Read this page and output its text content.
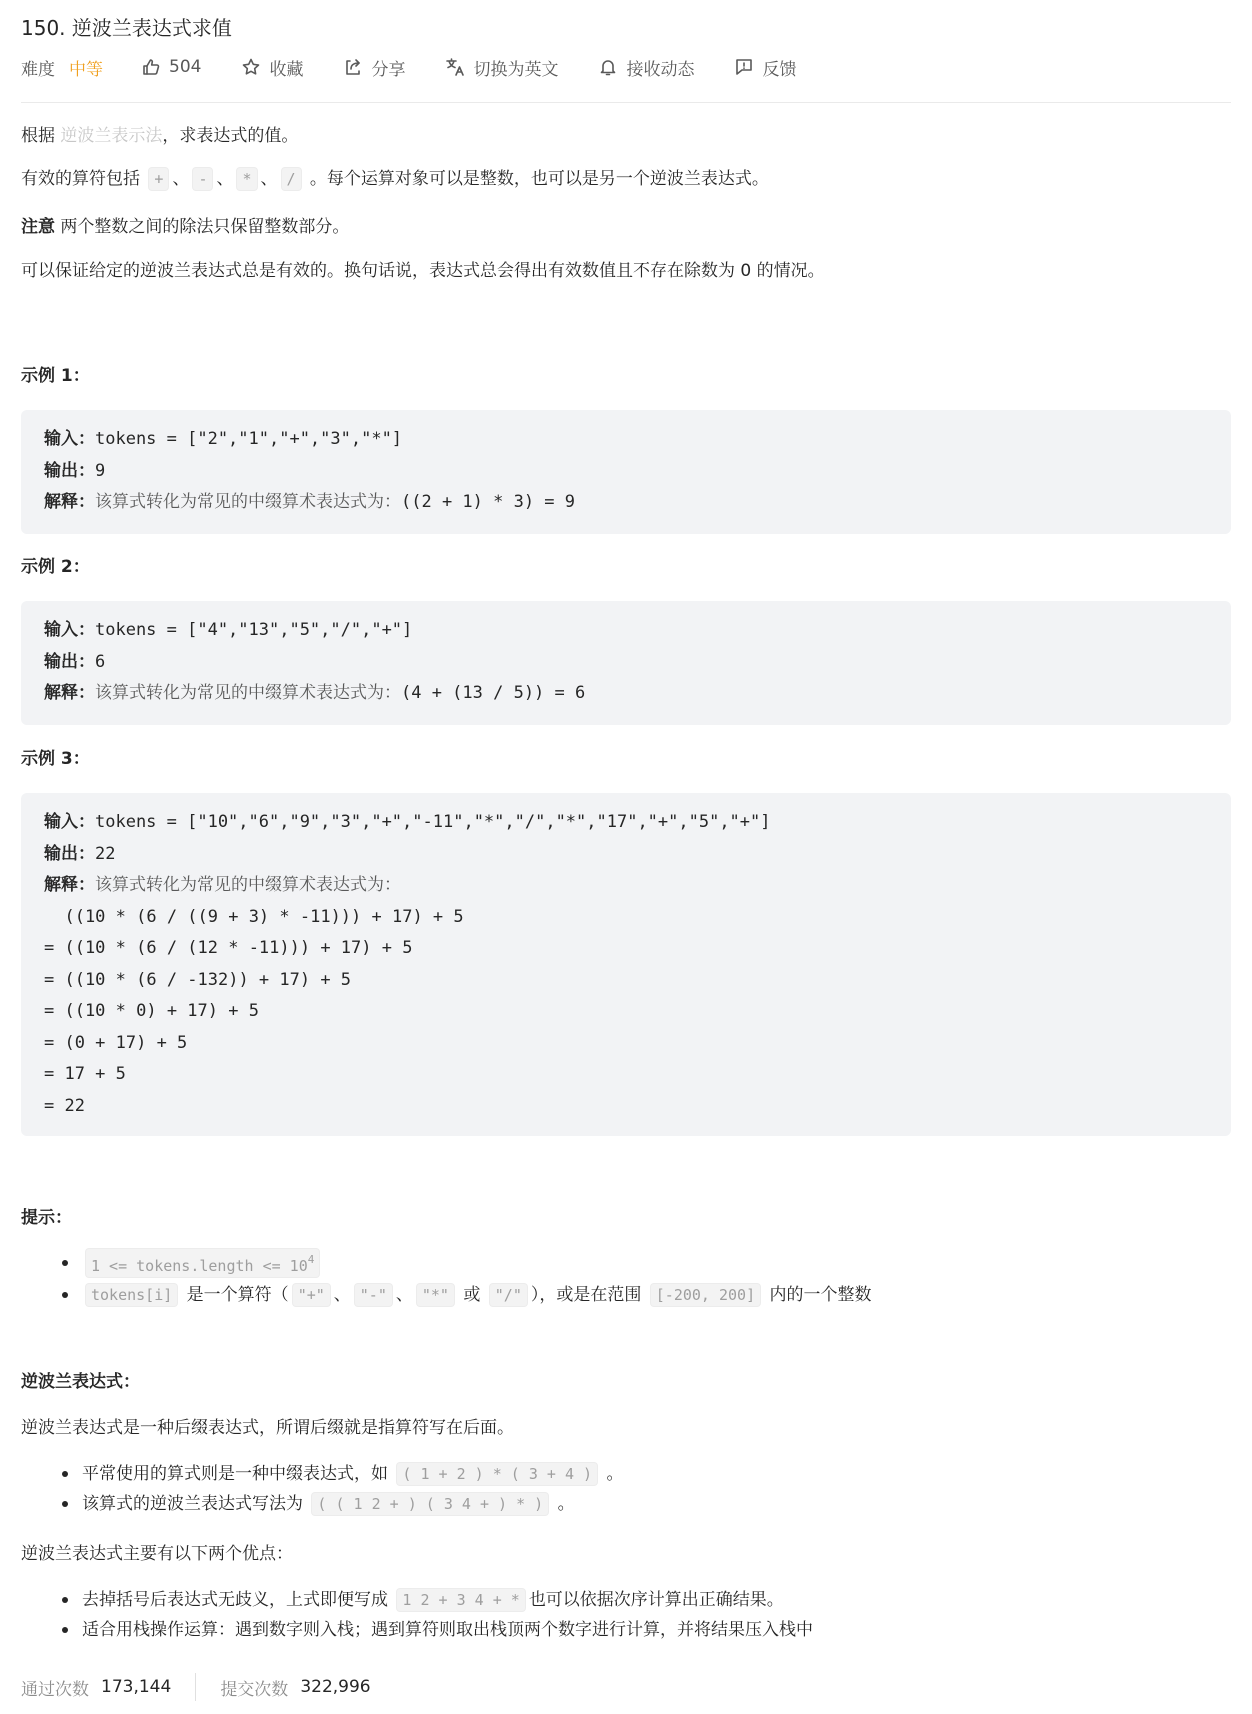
150. 逆波兰表达式求值
难度 中等	504	收藏	分享	切换为英文	接收动态	反馈
根据 逆波兰表示法，求表达式的值。
有效的算符包括 + 、 - 、 * 、 / 。每个运算对象可以是整数，也可以是另一个逆波兰表达式。
注意 两个整数之间的除法只保留整数部分。
可以保证给定的逆波兰表达式总是有效的。换句话说，表达式总会得出有效数值且不存在除数为 0 的情况。
示例 1：
输入：tokens = ["2","1","+","3","*"]
输出：9
解释：该算式转化为常见的中缀算术表达式为：((2 + 1) * 3) = 9
示例 2：
输入：tokens = ["4","13","5","/","+"]
输出：6
解释：该算式转化为常见的中缀算术表达式为：(4 + (13 / 5)) = 6
示例 3：
输入：tokens = ["10","6","9","3","+","-11","*","/","*","17","+","5","+"]
输出：22
解释：该算式转化为常见的中缀算术表达式为：
((10 * (6 / ((9 + 3) * -11))) + 17) + 5
= ((10 * (6 / (12 * -11))) + 17) + 5
= ((10 * (6 / -132)) + 17) + 5
= ((10 * 0) + 17) + 5
= (0 + 17) + 5
= 17 + 5
= 22
提示：
1 <= tokens.length <= $10^4$
tokens[i] 是一个算符（ "+" 、 "-" 、 "*" 或 "/" ），或是在范围 [-200, 200] 内的一个整数
逆波兰表达式：
逆波兰表达式是一种后缀表达式，所谓后缀就是指算符写在后面。
平常使用的算式则是一种中缀表达式，如 ( 1 + 2 ) * ( 3 + 4 ) 。
该算式的逆波兰表达式写法为 ( ( 1 2 + ) ( 3 4 + ) * ) 。
逆波兰表达式主要有以下两个优点：
去掉括号后表达式无歧义，上式即便写成 1 2 + 3 4 + * 也可以依据次序计算出正确结果。
适合用栈操作运算：遇到数字则入栈；遇到算符则取出栈顶两个数字进行计算，并将结果压入栈中
通过次数 173,144	提交次数 322,996
